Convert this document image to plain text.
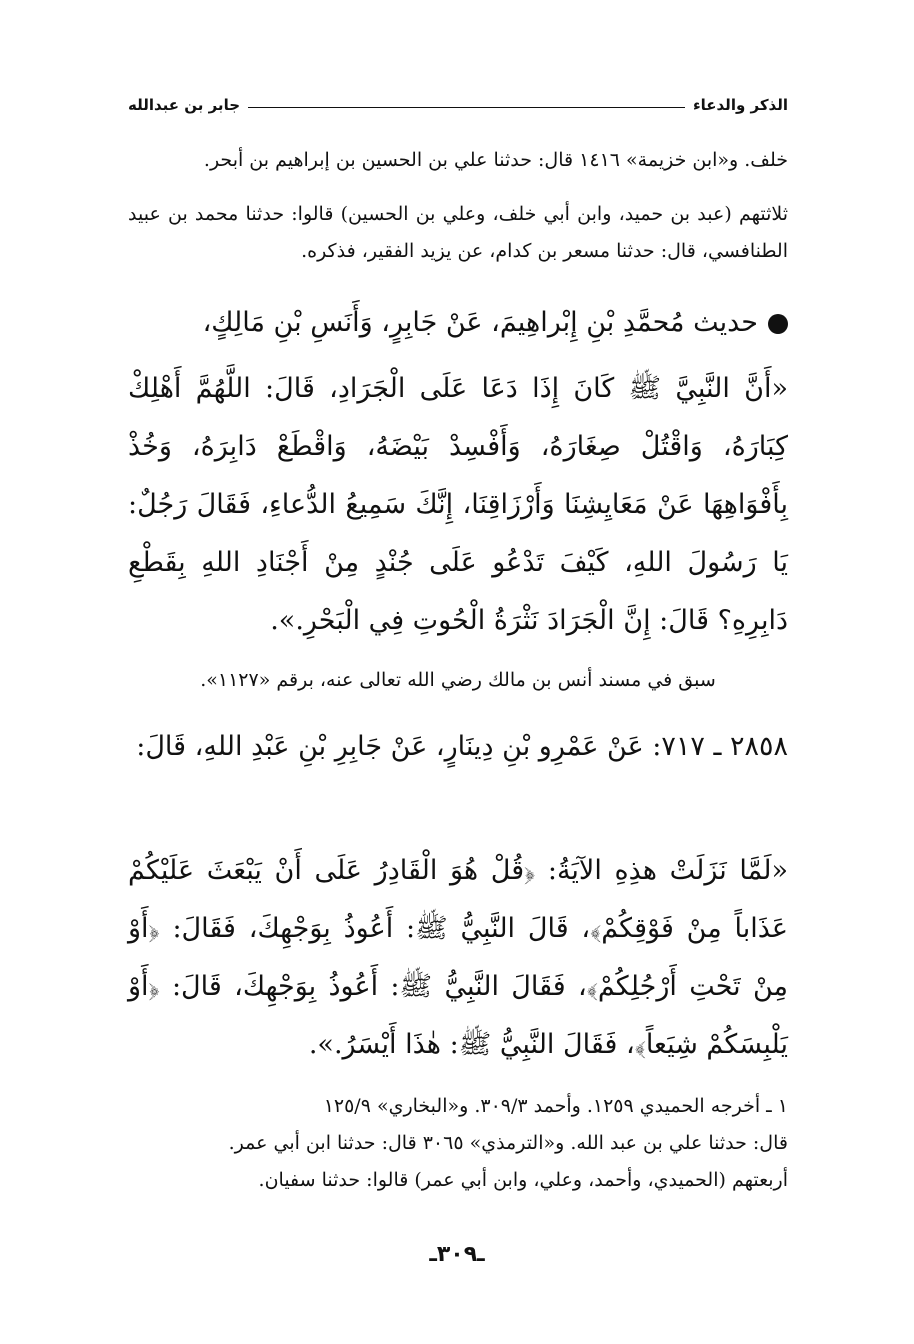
الذكر والدعاء
جابر بن عبدالله
خلف. و«ابن خزيمة» ١٤١٦ قال: حدثنا علي بن الحسين بن إبراهيم بن أبحر.
ثلاثتهم (عبد بن حميد، وابن أبي خلف، وعلي بن الحسين) قالوا: حدثنا محمد بن عبيد الطنافسي، قال: حدثنا مسعر بن كدام، عن يزيد الفقير، فذكره.
حديث مُحمَّدِ بْنِ إِبْراهِيمَ، عَنْ جَابِرٍ، وَأَنَسِ بْنِ مَالِكٍ،
«أَنَّ النَّبِيَّ ﷺ كَانَ إِذَا دَعَا عَلَى الْجَرَادِ، قَالَ: اللَّهُمَّ أَهْلِكْ كِبَارَهُ، وَاقْتُلْ صِغَارَهُ، وَأَفْسِدْ بَيْضَهُ، وَاقْطَعْ دَابِرَهُ، وَخُذْ بِأَفْوَاهِهَا عَنْ مَعَايِشِنَا وَأَرْزَاقِنَا، إِنَّكَ سَمِيعُ الدُّعاءِ، فَقَالَ رَجُلٌ: يَا رَسُولَ اللهِ، كَيْفَ تَدْعُو عَلَى جُنْدٍ مِنْ أَجْنَادِ اللهِ بِقَطْعِ دَابِرِهِ؟ قَالَ: إِنَّ الْجَرَادَ نَثْرَةُ الْحُوتِ فِي الْبَحْرِ.».
سبق في مسند أنس بن مالك رضي الله تعالى عنه، برقم «١١٢٧».
٢٨٥٨ ـ ٧١٧: عَنْ عَمْرِو بْنِ دِينَارٍ، عَنْ جَابِرِ بْنِ عَبْدِ اللهِ، قَالَ:
«لَمَّا نَزَلَتْ هذِهِ الآيَةُ: ﴿قُلْ هُوَ الْقَادِرُ عَلَى أَنْ يَبْعَثَ عَلَيْكُمْ عَذَاباً مِنْ فَوْقِكُمْ﴾، قَالَ النَّبِيُّ ﷺ: أَعُوذُ بِوَجْهِكَ، فَقَالَ: ﴿أَوْ مِنْ تَحْتِ أَرْجُلِكُمْ﴾، فَقَالَ النَّبِيُّ ﷺ: أَعُوذُ بِوَجْهِكَ، قَالَ: ﴿أَوْ يَلْبِسَكُمْ شِيَعاً﴾، فَقَالَ النَّبِيُّ ﷺ: هٰذَا أَيْسَرُ.».
١ ـ أخرجه الحميدي ١٢٥٩. وأحمد ٣٠٩/٣. و«البخاري» ١٢٥/٩
قال: حدثنا علي بن عبد الله. و«الترمذي» ٣٠٦٥ قال: حدثنا ابن أبي عمر.
أربعتهم (الحميدي، وأحمد، وعلي، وابن أبي عمر) قالوا: حدثنا سفيان.
ـ٣٠٩ـ
